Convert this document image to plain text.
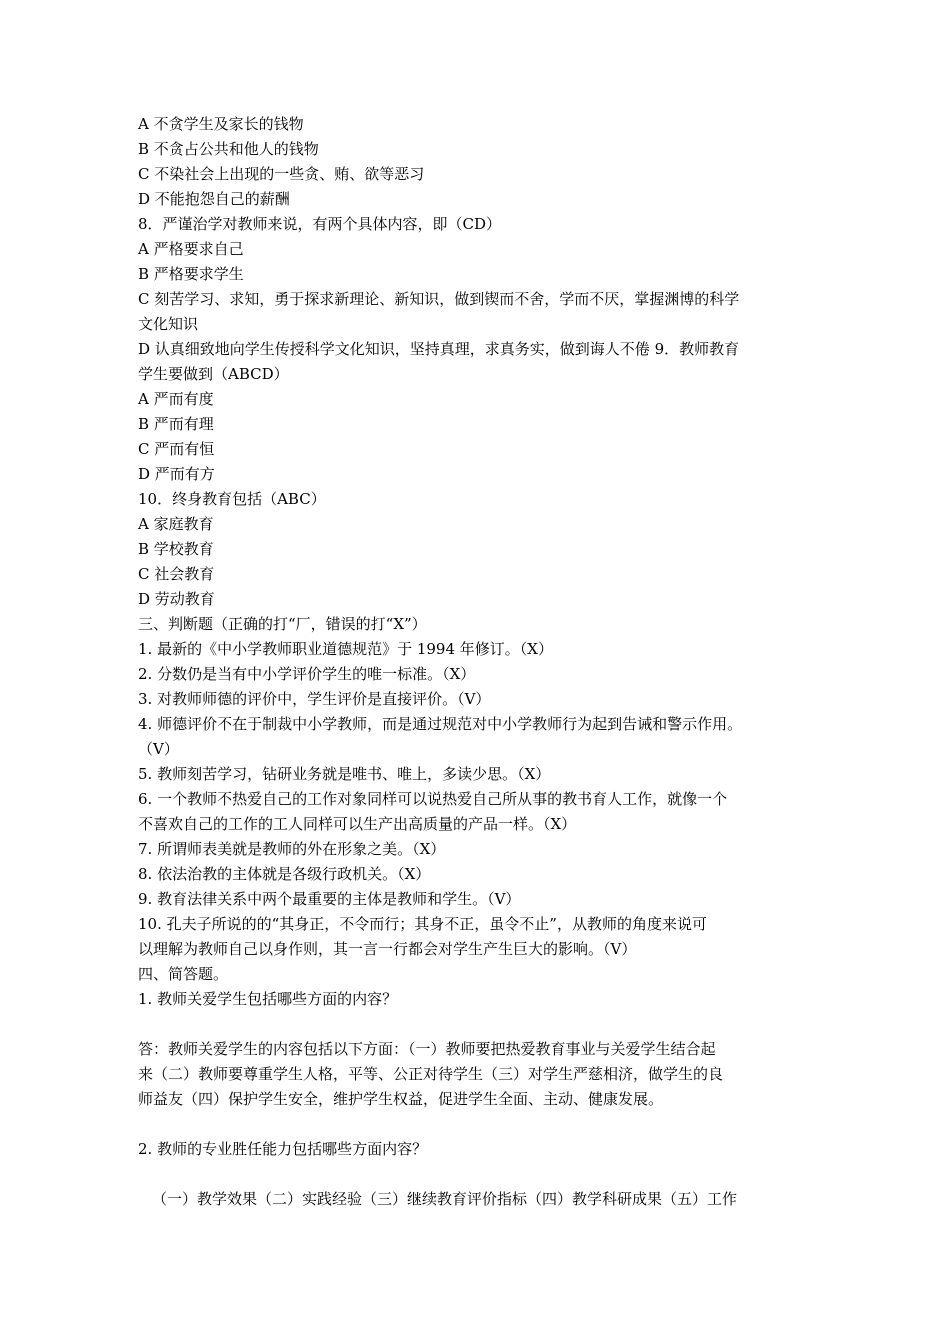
A 不贪学生及家长的钱物
B 不贪占公共和他人的钱物
C 不染社会上出现的一些贪、贿、欲等恶习
D 不能抱怨自己的薪酬
8．严谨治学对教师来说，有两个具体内容，即（CD）
A 严格要求自己
B 严格要求学生
C 刻苦学习、求知，勇于探求新理论、新知识，做到锲而不舍，学而不厌，掌握渊博的科学
文化知识
D 认真细致地向学生传授科学文化知识，坚持真理，求真务实，做到诲人不倦 9．教师教育
学生要做到（ABCD）
A 严而有度
B 严而有理
C 严而有恒
D 严而有方
10．终身教育包括（ABC）
A 家庭教育
B 学校教育
C 社会教育
D 劳动教育
三、判断题（正确的打“厂，错误的打“X”）
1. 最新的《中小学教师职业道德规范》于 1994 年修订。（X）
2. 分数仍是当有中小学评价学生的唯一标准。（X）
3. 对教师师德的评价中，学生评价是直接评价。（V）
4. 师德评价不在于制裁中小学教师，而是通过规范对中小学教师行为起到告诫和警示作用。
（V）
5. 教师刻苦学习，钻研业务就是唯书、唯上，多读少思。（X）
6. 一个教师不热爱自己的工作对象同样可以说热爱自己所从事的教书育人工作，就像一个
不喜欢自己的工作的工人同样可以生产出高质量的产品一样。（X）
7. 所谓师表美就是教师的外在形象之美。（X）
8. 依法治教的主体就是各级行政机关。（X）
9. 教育法律关系中两个最重要的主体是教师和学生。（V）
10. 孔夫子所说的的“其身正，不令而行；其身不正，虽令不止”，从教师的角度来说可
以理解为教师自己以身作则，其一言一行都会对学生产生巨大的影响。（V）
四、简答题。
1. 教师关爱学生包括哪些方面的内容？
答：教师关爱学生的内容包括以下方面：（一）教师要把热爱教育事业与关爱学生结合起
来（二）教师要尊重学生人格，平等、公正对待学生（三）对学生严慈相济，做学生的良
师益友（四）保护学生安全，维护学生权益，促进学生全面、主动、健康发展。
2. 教师的专业胜任能力包括哪些方面内容？
（一）教学效果（二）实践经验（三）继续教育评价指标（四）教学科研成果（五）工作
